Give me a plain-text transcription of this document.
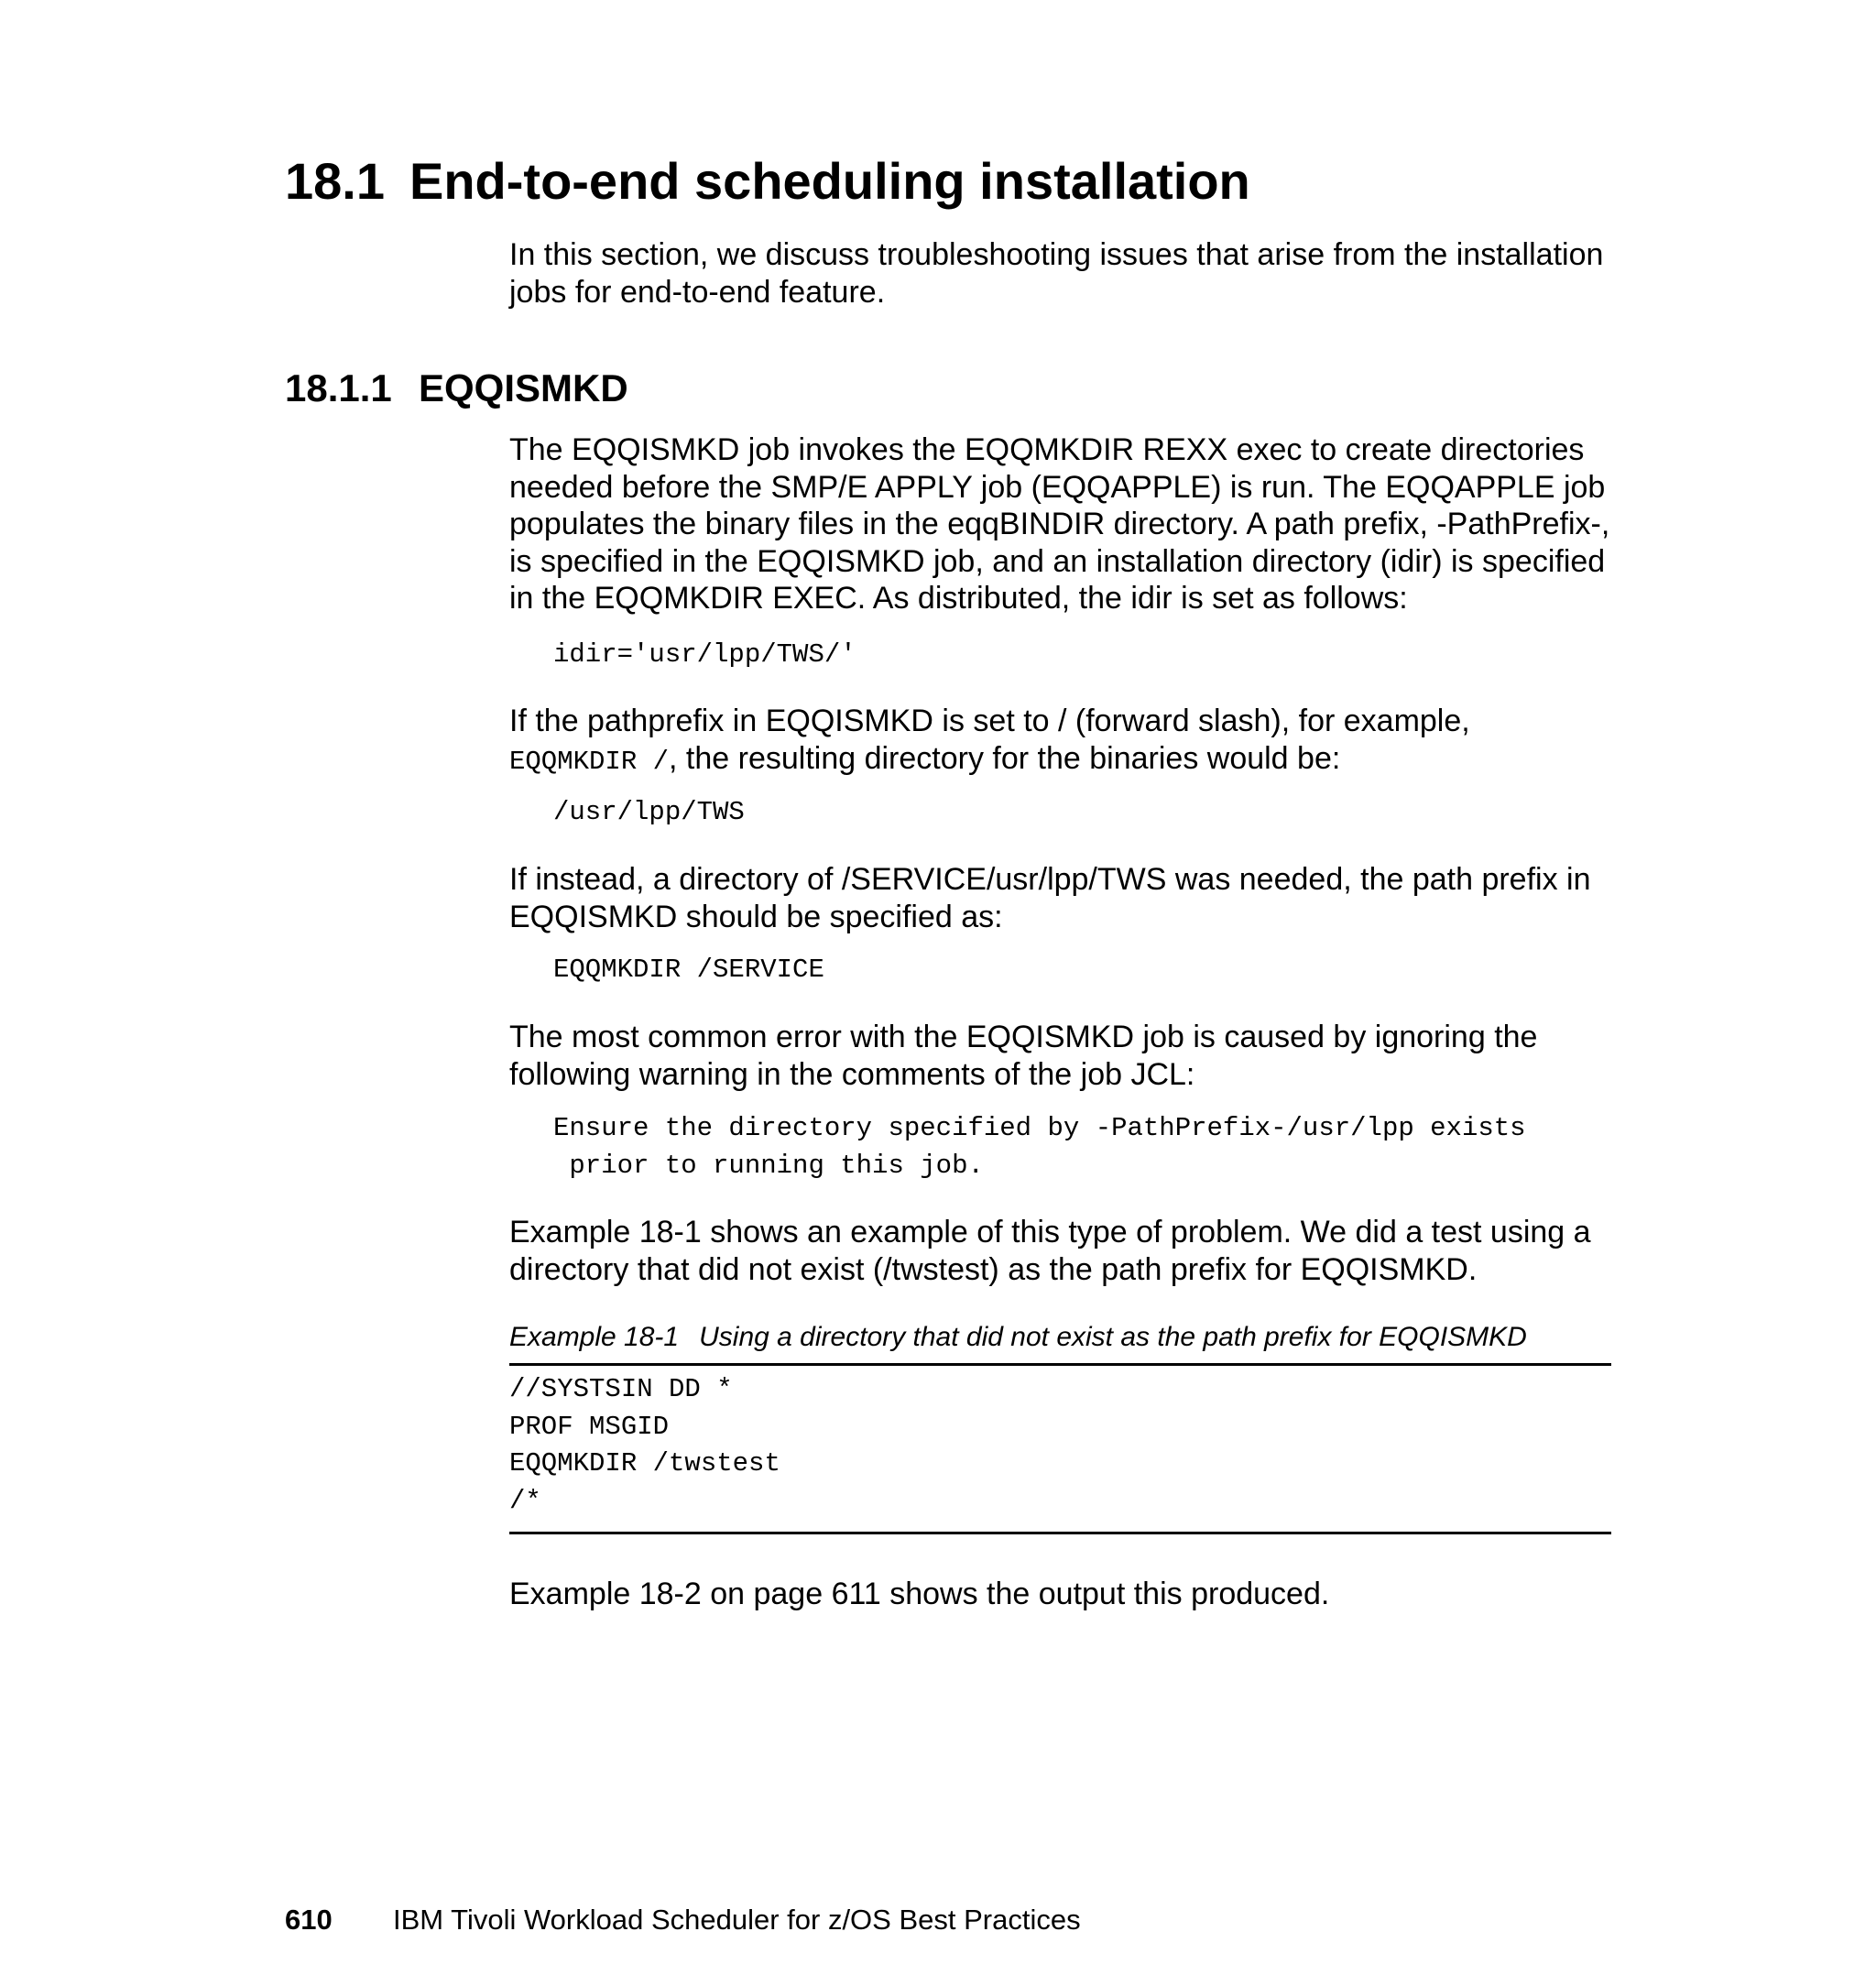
18.1 End-to-end scheduling installation
In this section, we discuss troubleshooting issues that arise from the installation
jobs for end-to-end feature.
18.1.1 EQQISMKD
The EQQISMKD job invokes the EQQMKDIR REXX exec to create directories
needed before the SMP/E APPLY job (EQQAPPLE) is run. The EQQAPPLE job
populates the binary files in the eqqBINDIR directory. A path prefix, -PathPrefix-,
is specified in the EQQISMKD job, and an installation directory (idir) is specified
in the EQQMKDIR EXEC. As distributed, the idir is set as follows:
idir='usr/lpp/TWS/'
If the pathprefix in EQQISMKD is set to / (forward slash), for example,
EQQMKDIR /, the resulting directory for the binaries would be:
/usr/lpp/TWS
If instead, a directory of /SERVICE/usr/lpp/TWS was needed, the path prefix in
EQQISMKD should be specified as:
EQQMKDIR /SERVICE
The most common error with the EQQISMKD job is caused by ignoring the
following warning in the comments of the job JCL:
Ensure the directory specified by -PathPrefix-/usr/lpp exists
prior to running this job.
Example 18-1 shows an example of this type of problem. We did a test using a
directory that did not exist (/twstest) as the path prefix for EQQISMKD.
Example 18-1 Using a directory that did not exist as the path prefix for EQQISMKD
//SYSTSIN DD *
PROF MSGID
EQQMKDIR /twstest
/*
Example 18-2 on page 611 shows the output this produced.
610 IBM Tivoli Workload Scheduler for z/OS Best Practices
